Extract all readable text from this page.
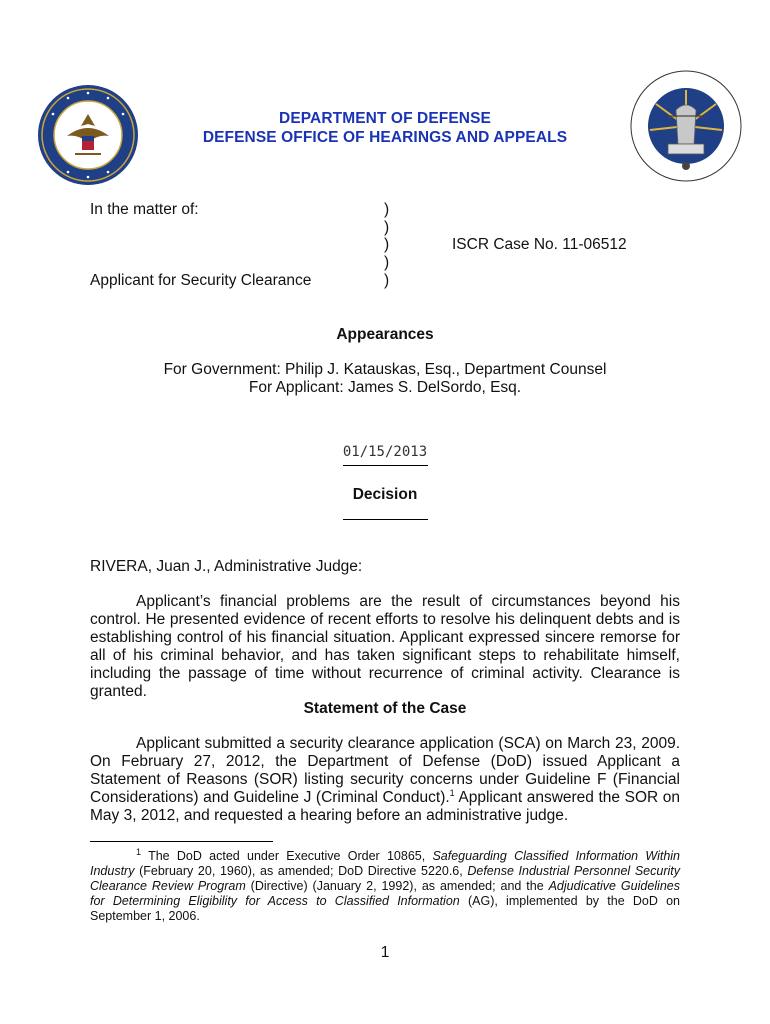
DEPARTMENT OF DEFENSE
DEFENSE OFFICE OF HEARINGS AND APPEALS
In the matter of:
Applicant for Security Clearance
)
)
)
)
)
ISCR Case No. 11-06512
Appearances
For Government: Philip J. Katauskas, Esq., Department Counsel
For Applicant: James S. DelSordo, Esq.
01/15/2013
Decision
RIVERA, Juan J., Administrative Judge:
Applicant’s financial problems are the result of circumstances beyond his control. He presented evidence of recent efforts to resolve his delinquent debts and is establishing control of his financial situation. Applicant expressed sincere remorse for all of his criminal behavior, and has taken significant steps to rehabilitate himself, including the passage of time without recurrence of criminal activity. Clearance is granted.
Statement of the Case
Applicant submitted a security clearance application (SCA) on March 23, 2009. On February 27, 2012, the Department of Defense (DoD) issued Applicant a Statement of Reasons (SOR) listing security concerns under Guideline F (Financial Considerations) and Guideline J (Criminal Conduct).$^1$ Applicant answered the SOR on May 3, 2012, and requested a hearing before an administrative judge.
$^1$ The DoD acted under Executive Order 10865, Safeguarding Classified Information Within Industry (February 20, 1960), as amended; DoD Directive 5220.6, Defense Industrial Personnel Security Clearance Review Program (Directive) (January 2, 1992), as amended; and the Adjudicative Guidelines for Determining Eligibility for Access to Classified Information (AG), implemented by the DoD on September 1, 2006.
1
